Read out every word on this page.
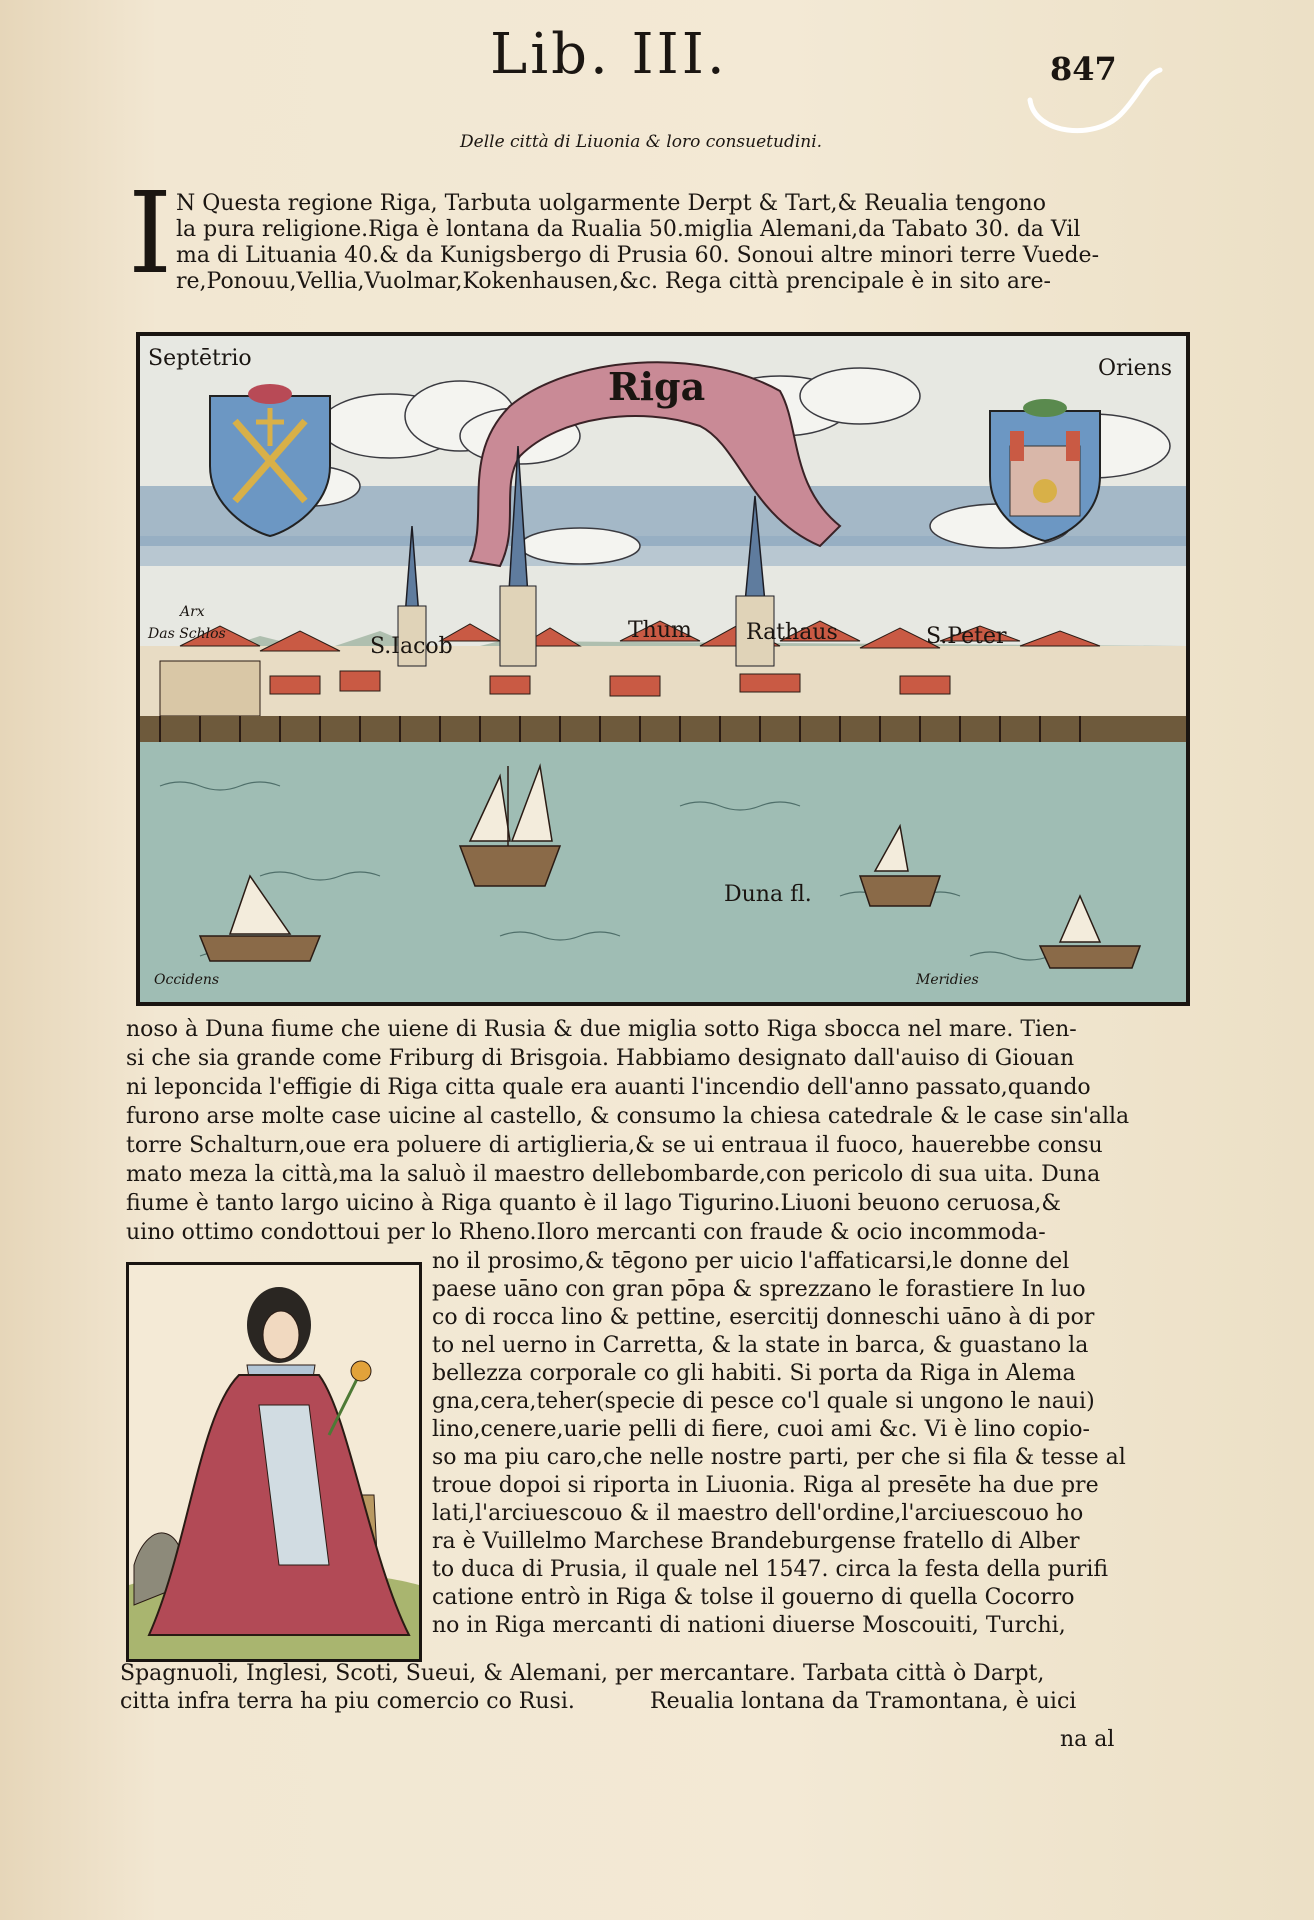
Lib. III.	847
Delle città di Liuonia & loro consuetudini.
I N Questa regione Riga, Tarbuta uolgarmente Derpt & Tart,& Reualia tengono
la pura religione.Riga è lontana da Rualia 50.miglia Alemani,da Tabato 30. da Vil
ma di Lituania 40.& da Kunigsbergo di Prusia 60. Sonoui altre minori terre Vuede-
re,Ponouu,Vellia,Vuolmar,Kokenhausen,&c. Rega città prencipale è in sito are-
Septētrio	Oriens
Riga
Arx
Das Schlos	S.Iacob
Thum Rathaus	S.Peter
Duna fl.
Occidens	Meridies
noso à Duna fiume che uiene di Rusia & due miglia sotto Riga sbocca nel mare. Tien-
si che sia grande come Friburg di Brisgoia. Habbiamo designato dall'auiso di Giouan
ni leponcida l'effigie di Riga citta quale era auanti l'incendio dell'anno passato,quando
furono arse molte case uicine al castello, & consumo la chiesa catedrale & le case sin'alla
torre Schalturn,oue era poluere di artiglieria,& se ui entraua il fuoco, hauerebbe consu
mato meza la città,ma la saluò il maestro dellebombarde,con pericolo di sua uita. Duna
fiume è tanto largo uicino à Riga quanto è il lago Tigurino.Liuoni beuono ceruosa,&
uino ottimo condottoui per lo Rheno.Iloro mercanti con fraude & ocio incommoda-
no il prosimo,& tēgono per uicio l'affaticarsi,le donne del
paese uāno con gran pōpa & sprezzano le forastiere In luo
co di rocca lino & pettine, esercitij donneschi uāno à di por
to nel uerno in Carretta, & la state in barca, & guastano la
bellezza corporale co gli habiti. Si porta da Riga in Alema
gna,cera,teher(specie di pesce co'l quale si ungono le naui)
lino,cenere,uarie pelli di fiere, cuoi ami &c. Vi è lino copio-
so ma piu caro,che nelle nostre parti, per che si fila & tesse al
troue dopoi si riporta in Liuonia. Riga al presēte ha due pre
lati,l'arciuescouo & il maestro dell'ordine,l'arciuescouo ho
ra è Vuillelmo Marchese Brandeburgense fratello di Alber
to duca di Prusia, il quale nel 1547. circa la festa della purifi
catione entrò in Riga & tolse il gouerno di quella Cocorro
no in Riga mercanti di nationi diuerse Moscouiti, Turchi,
Spagnuoli, Inglesi, Scoti, Sueui, & Alemani, per mercantare. Tarbata città ò Darpt,
citta infra terra ha piu comercio co Rusi.	Reualia lontana da Tramontana, è uici
na al
